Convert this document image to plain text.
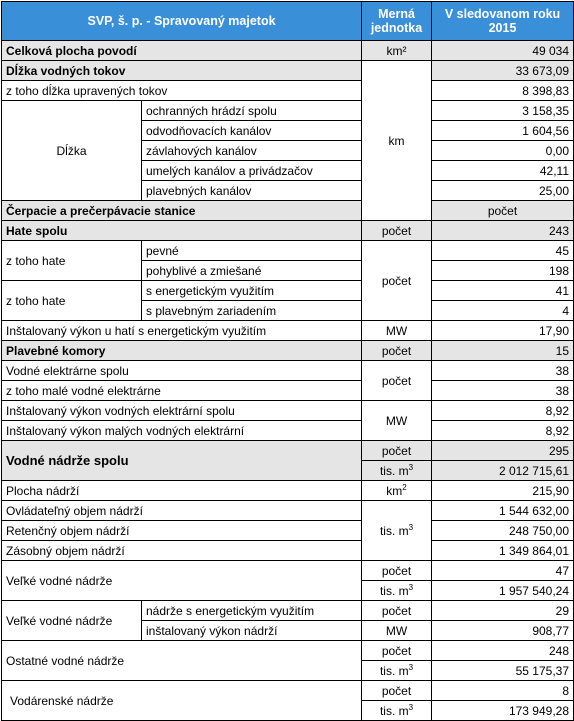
SVP, š. p. - Spravovaný majetok		Merná jednotka	V sledovanom roku 2015	
Celková plocha povodí		km²	49 034	
Dĺžka vodných tokov		km	33 673,09	
z toho dĺžka upravených tokov			8 398,83	
Dĺžka	ochranných hrádzí spolu		3 158,35	
	odvodňovacích kanálov		1 604,56	
	závlahových kanálov		0,00	
	umelých kanálov a privádzačov		42,11	
	plavebných kanálov		25,00	
Čerpacie a prečerpávacie stanice			počet	
Hate spolu		počet	243	
z toho hate	pevné	počet	45	
	pohyblivé a zmiešané		198	
z toho hate	s energetickým využitím		41	
	s plavebným zariadením		4	
Inštalovaný výkon u hatí s energetickým využitím		MW	17,90	
Plavebné komory		počet	15	
Vodné elektrárne spolu		počet	38	
z toho malé vodné elektrárne			38	
Inštalovaný výkon vodných elektrární spolu		MW	8,92	
Inštalovaný výkon malých vodných elektrární			8,92	
Vodné nádrže spolu		počet	295	
		tis. $m^3$	2 012 715,61	
Plocha nádrží		$km^2$	215,90	
Ovládateľný objem nádrží		tis. $m^3$	1 544 632,00	
Retenčný objem nádrží			248 750,00	
Zásobný objem nádrží			1 349 864,01	
Veľké vodné nádrže		počet	47	
		tis. $m^3$	1 957 540,24	
Veľké vodné nádrže	nádrže s energetickým využitím	počet	29	
	inštalovaný výkon nádrží	MW	908,77	
Ostatné vodné nádrže		počet	248	
		tis. $m^3$	55 175,37	
Vodárenské nádrže		počet	8	
		tis. $m^3$	173 949,28	
